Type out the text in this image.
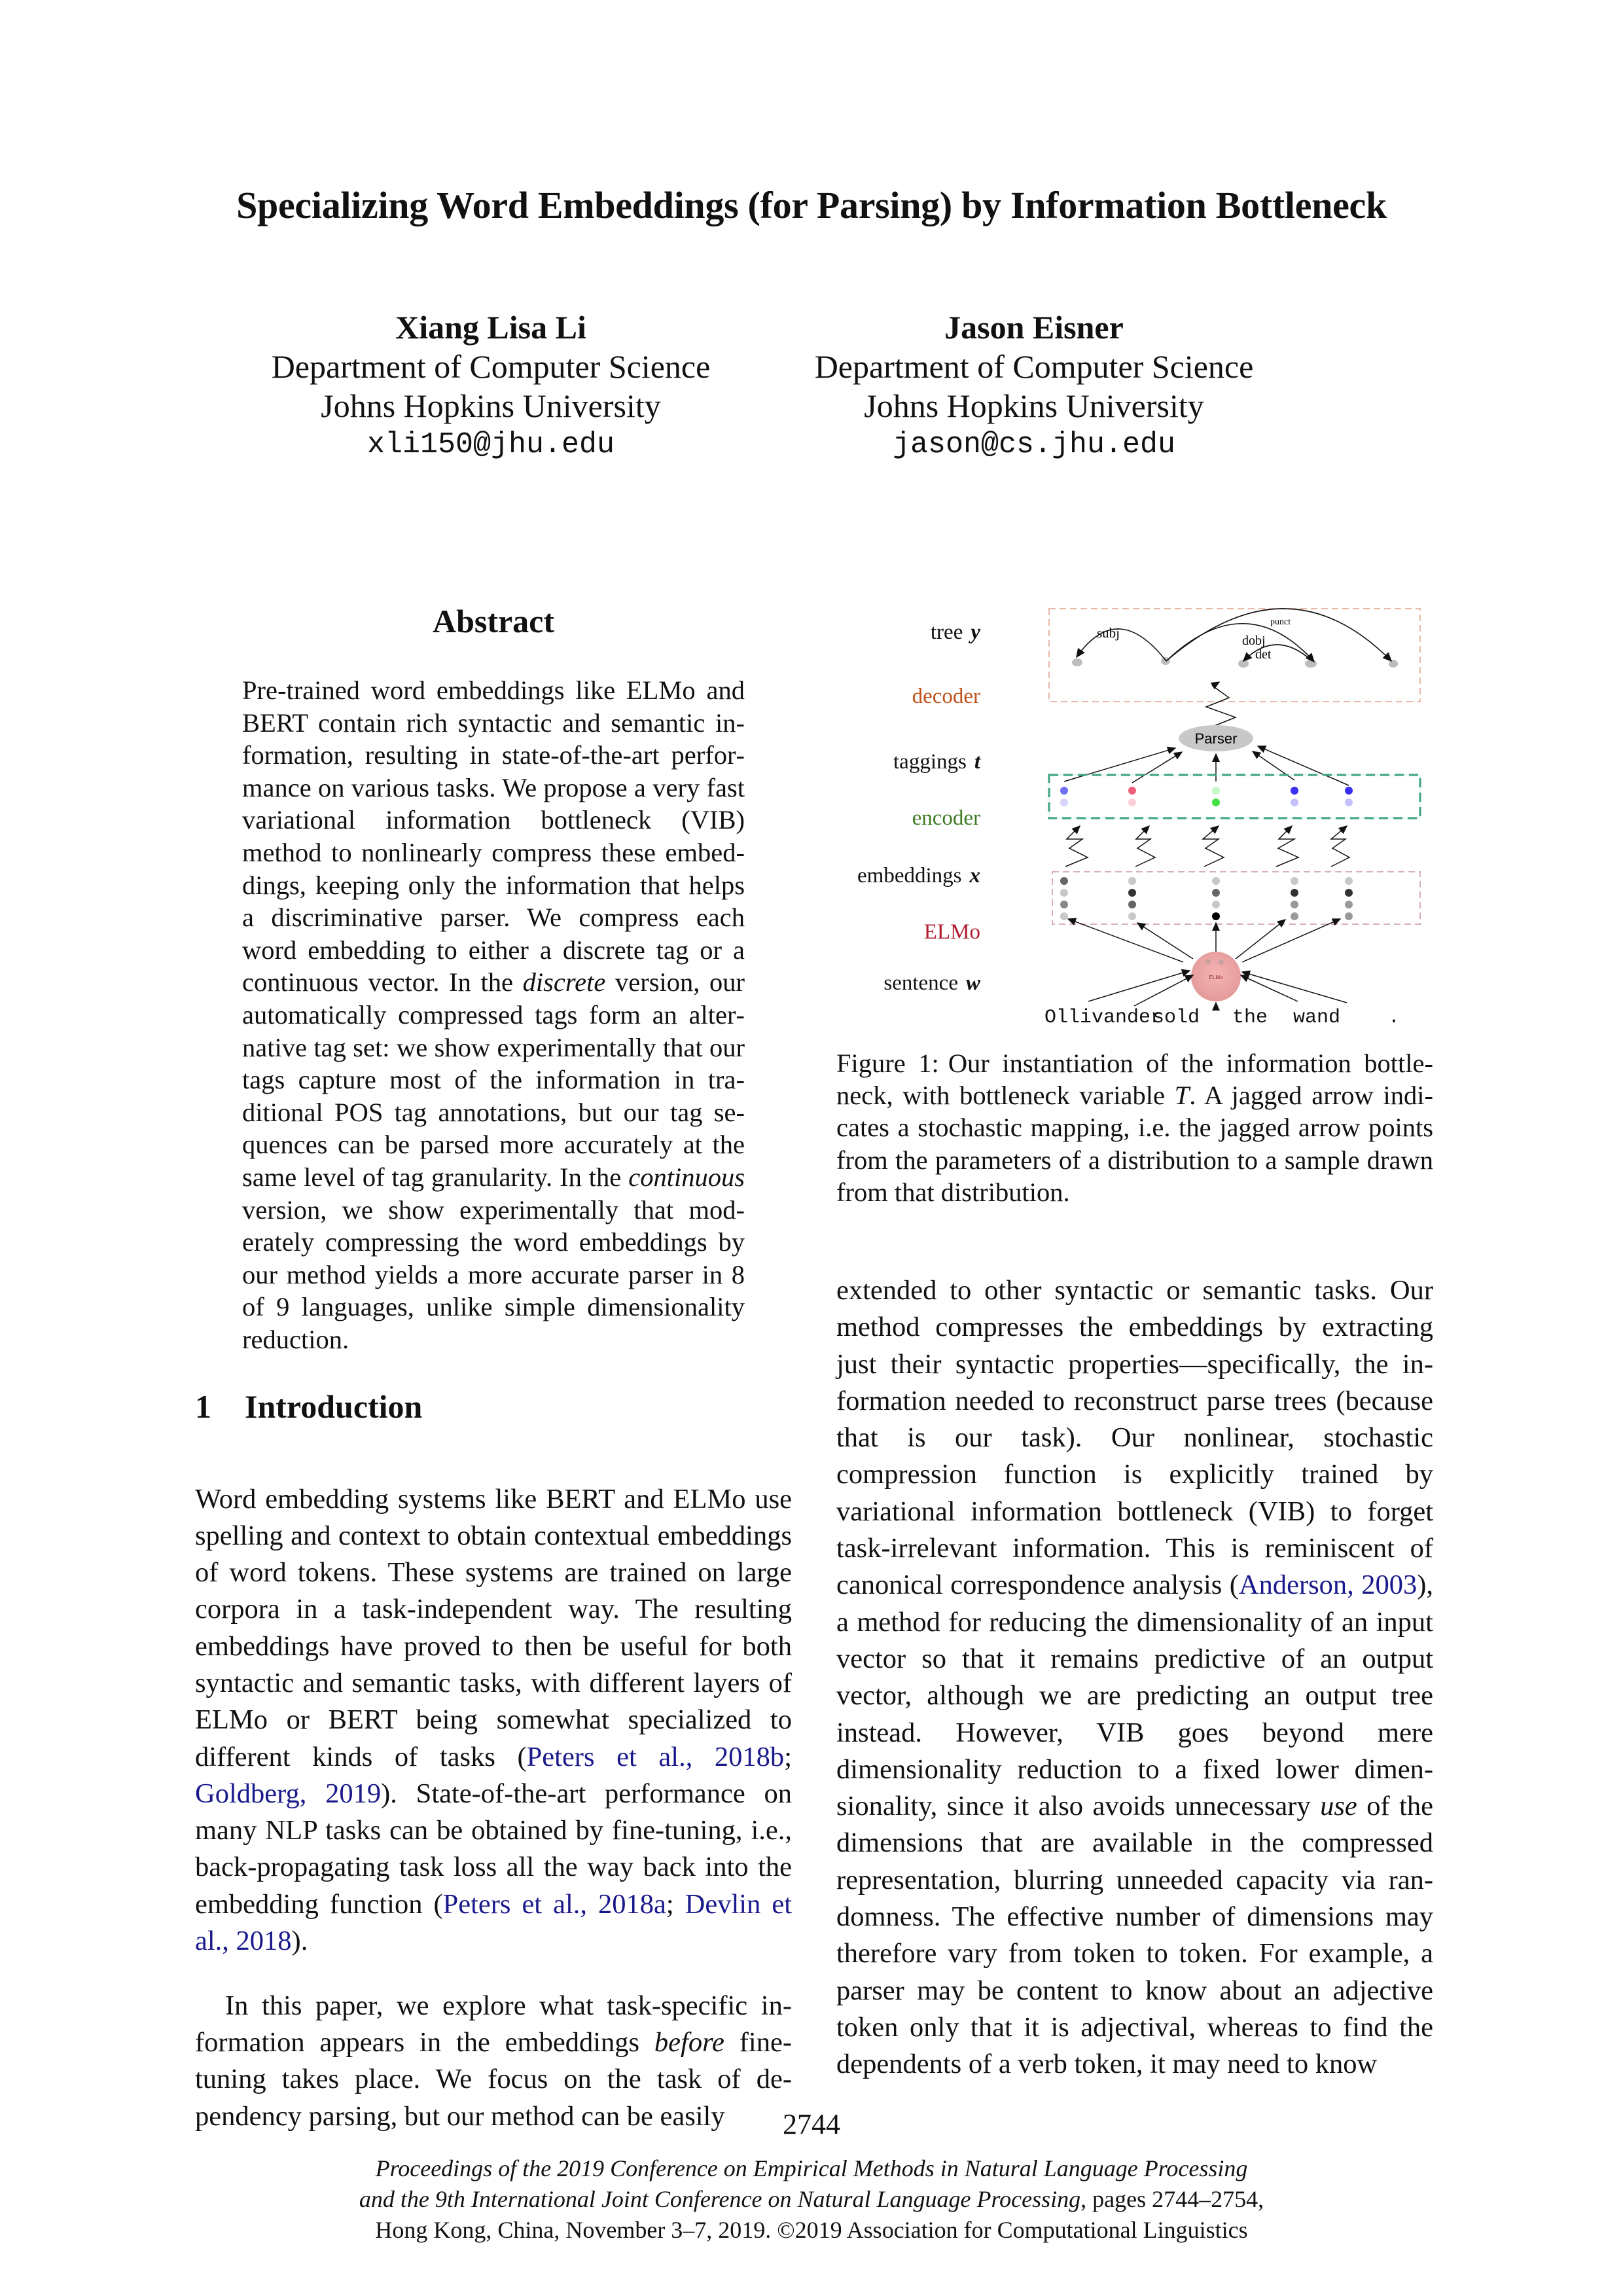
Specializing Word Embeddings (for Parsing) by Information Bottleneck
Xiang Lisa Li
Department of Computer Science
Johns Hopkins University
xli150@jhu.edu
Jason Eisner
Department of Computer Science
Johns Hopkins University
jason@cs.jhu.edu
Abstract
Pre-trained word embeddings like ELMo and BERT contain rich syntactic and semantic information, resulting in state-of-the-art performance on various tasks. We propose a very fast variational information bottleneck (VIB) method to nonlinearly compress these embeddings, keeping only the information that helps a discriminative parser. We compress each word embedding to either a discrete tag or a continuous vector. In the discrete version, our automatically compressed tags form an alternative tag set: we show experimentally that our tags capture most of the information in traditional POS tag annotations, but our tag sequences can be parsed more accurately at the same level of tag granularity. In the continuous version, we show experimentally that moderately compressing the word embeddings by our method yields a more accurate parser in 8 of 9 languages, unlike simple dimensionality reduction.
1 Introduction

Word embedding systems like BERT and ELMo use spelling and context to obtain contextual embeddings of word tokens. These systems are trained on large corpora in a task-independent way. The resulting embeddings have proved to then be useful for both syntactic and semantic tasks, with different layers of ELMo or BERT being somewhat specialized to different kinds of tasks (Peters et al., 2018b; Goldberg, 2019). State-of-the-art performance on many NLP tasks can be obtained by fine-tuning, i.e., back-propagating task loss all the way back into the embedding function (Peters et al., 2018a; Devlin et al., 2018).

In this paper, we explore what task-specific information appears in the embeddings before fine-tuning takes place. We focus on the task of dependency parsing, but our method can be easily

tree y
decoder
taggings t
encoder
embeddings x
ELMo
sentence w
subj	dobj
det
punct
Parser
ELMo
Ollivander
sold the wand .
Figure 1: Our instantiation of the information bottleneck, with bottleneck variable T. A jagged arrow indicates a stochastic mapping, i.e. the jagged arrow points from the parameters of a distribution to a sample drawn from that distribution.
extended to other syntactic or semantic tasks. Our method compresses the embeddings by extracting just their syntactic properties—specifically, the information needed to reconstruct parse trees (because that is our task). Our nonlinear, stochastic compression function is explicitly trained by variational information bottleneck (VIB) to forget task-irrelevant information. This is reminiscent of canonical correspondence analysis (Anderson, 2003), a method for reducing the dimensionality of an input vector so that it remains predictive of an output vector, although we are predicting an output tree instead. However, VIB goes beyond mere dimensionality reduction to a fixed lower dimensionality, since it also avoids unnecessary use of the dimensions that are available in the compressed representation, blurring unneeded capacity via randomness. The effective number of dimensions may therefore vary from token to token. For example, a parser may be content to know about an adjective token only that it is adjectival, whereas to find the dependents of a verb token, it may need to know
2744
Proceedings of the 2019 Conference on Empirical Methods in Natural Language Processing
and the 9th International Joint Conference on Natural Language Processing, pages 2744–2754,
Hong Kong, China, November 3–7, 2019. ©2019 Association for Computational Linguistics
